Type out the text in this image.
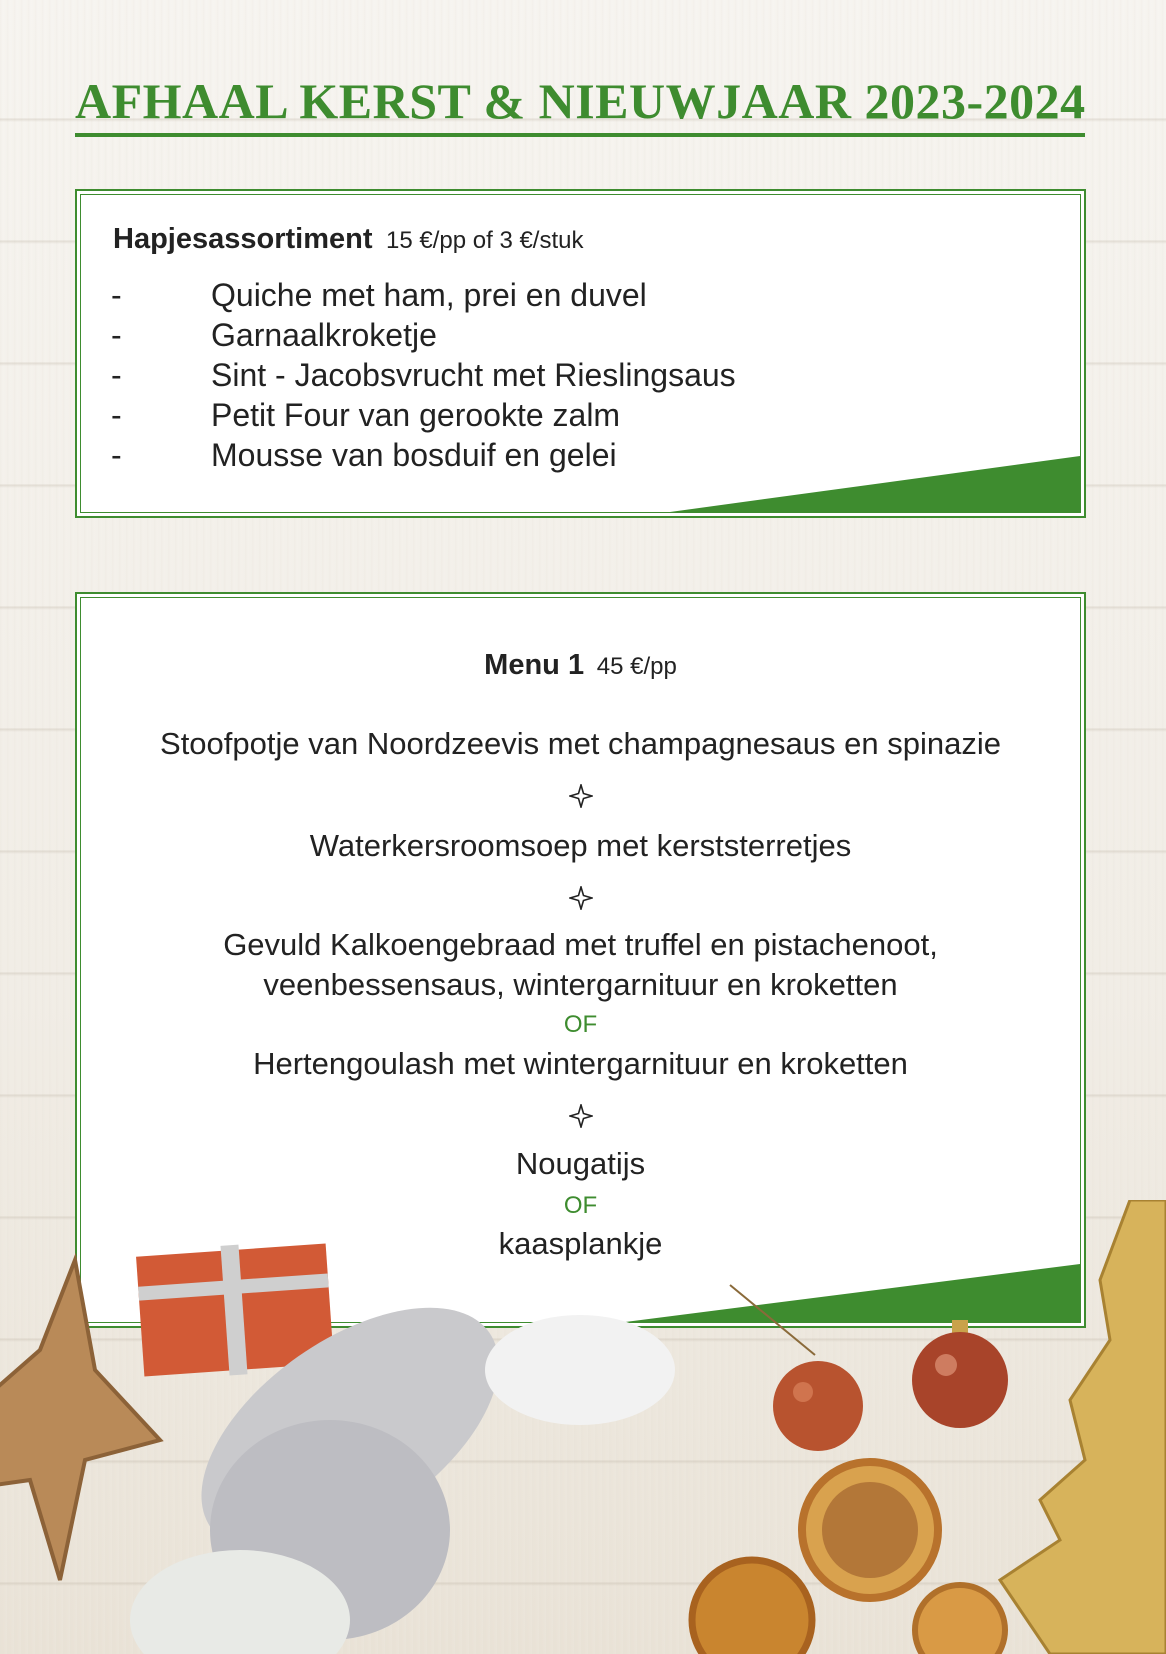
AFHAAL KERST & NIEUWJAAR 2023-2024
Hapjesassortiment 15 €/pp of 3 €/stuk
-	Quiche met ham, prei en duvel
-	Garnaalkroketje
-	Sint - Jacobsvrucht met Rieslingsaus
-	Petit Four van gerookte zalm
-	Mousse van bosduif en gelei
Menu 1 45 €/pp
Stoofpotje van Noordzeevis met champagnesaus en spinazie
Waterkersroomsoep met kerststerretjes
Gevuld Kalkoengebraad met truffel en pistachenoot,
veenbessensaus, wintergarnituur en kroketten
OF
Hertengoulash met wintergarnituur en kroketten
Nougatijs
OF
kaasplankje
